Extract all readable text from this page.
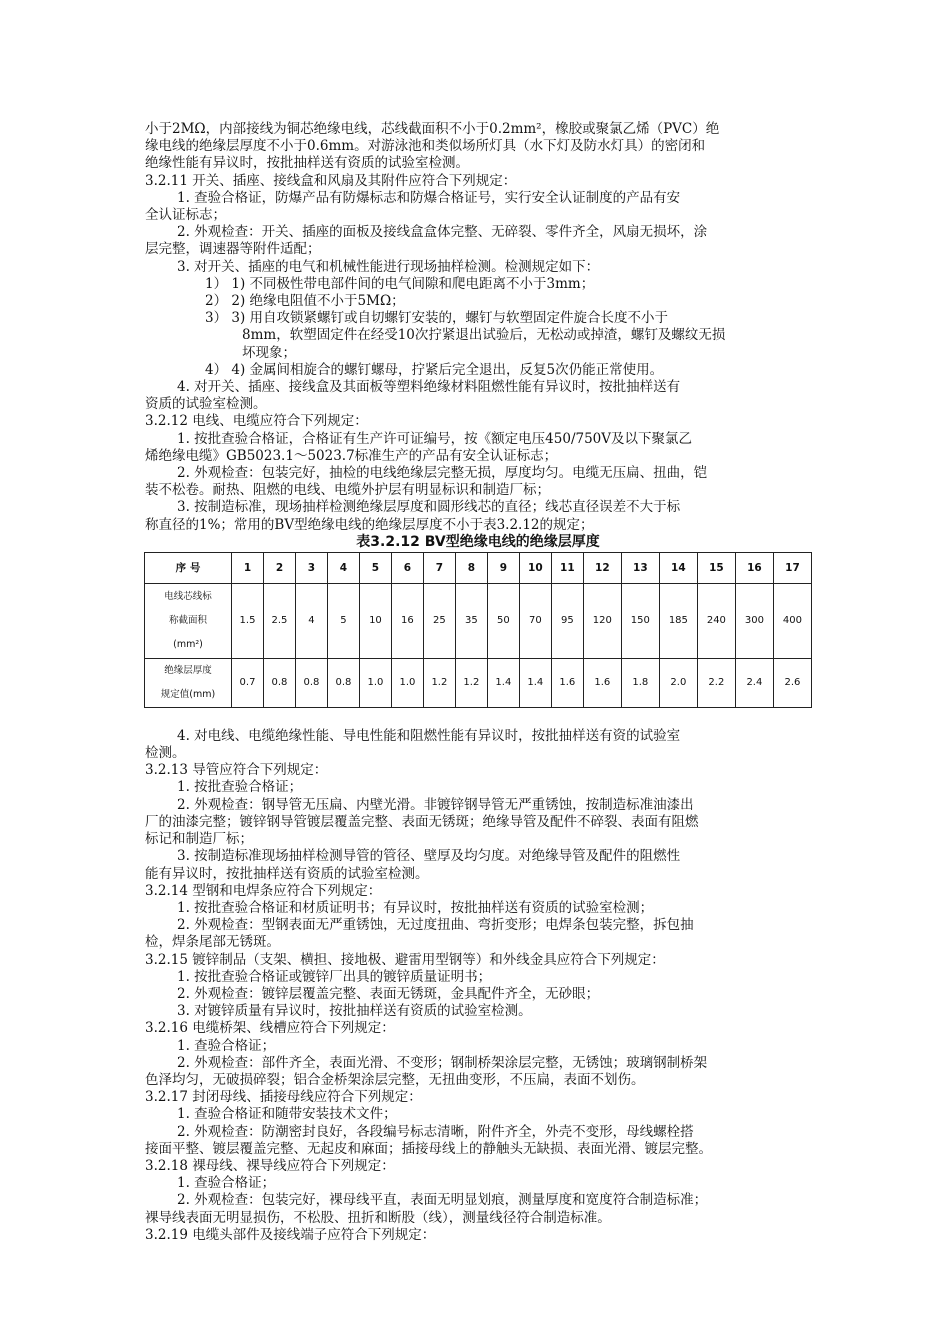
小于2MΩ，内部接线为铜芯绝缘电线，芯线截面积不小于0.2mm²，橡胶或聚氯乙烯（PVC）绝
缘电线的绝缘层厚度不小于0.6mm。对游泳池和类似场所灯具（水下灯及防水灯具）的密闭和
绝缘性能有异议时，按批抽样送有资质的试验室检测。
3.2.11 开关、插座、接线盒和风扇及其附件应符合下列规定：
1. 查验合格证，防爆产品有防爆标志和防爆合格证号，实行安全认证制度的产品有安
全认证标志；
2. 外观检查：开关、插座的面板及接线盒盒体完整、无碎裂、零件齐全，风扇无损坏，涂
层完整，调速器等附件适配；
3. 对开关、插座的电气和机械性能进行现场抽样检测。检测规定如下：
1） 1) 不同极性带电部件间的电气间隙和爬电距离不小于3mm；
2） 2) 绝缘电阻值不小于5MΩ；
3） 3) 用自攻锁紧螺钉或自切螺钉安装的，螺钉与软塑固定件旋合长度不小于
8mm，软塑固定件在经受10次拧紧退出试验后，无松动或掉渣，螺钉及螺纹无损
坏现象；
4） 4) 金属间相旋合的螺钉螺母，拧紧后完全退出，反复5次仍能正常使用。
4. 对开关、插座、接线盒及其面板等塑料绝缘材料阻燃性能有异议时，按批抽样送有
资质的试验室检测。
3.2.12 电线、电缆应符合下列规定：
1. 按批查验合格证，合格证有生产许可证编号，按《额定电压450/750V及以下聚氯乙
烯绝缘电缆》GB5023.1～5023.7标准生产的产品有安全认证标志；
2. 外观检查：包装完好，抽检的电线绝缘层完整无损，厚度均匀。电缆无压扁、扭曲，铠
装不松卷。耐热、阻燃的电线、电缆外护层有明显标识和制造厂标；
3. 按制造标准，现场抽样检测绝缘层厚度和圆形线芯的直径；线芯直径误差不大于标
称直径的1%；常用的BV型绝缘电线的绝缘层厚度不小于表3.2.12的规定；
表3.2.12 BV型绝缘电线的绝缘层厚度
序 号	1	2	3	4	5	6	7	8	9	10	11	12	13	14	15	16	17

电线芯线标
称截面积
(mm²)	1.5	2.5	4	5	10	16	25	35	50	70	95	120	150	185	240	300	400

绝缘层厚度
规定值(mm)	0.7	0.8	0.8	0.8	1.0	1.0	1.2	1.2	1.4	1.4	1.6	1.6	1.8	2.0	2.2	2.4	2.6
4. 对电线、电缆绝缘性能、导电性能和阻燃性能有异议时，按批抽样送有资的试验室
检测。
3.2.13 导管应符合下列规定：
1. 按批查验合格证；
2. 外观检查：钢导管无压扁、内壁光滑。非镀锌钢导管无严重锈蚀，按制造标准油漆出
厂的油漆完整；镀锌钢导管镀层覆盖完整、表面无锈斑；绝缘导管及配件不碎裂、表面有阻燃
标记和制造厂标；
3. 按制造标准现场抽样检测导管的管径、壁厚及均匀度。对绝缘导管及配件的阻燃性
能有异议时，按批抽样送有资质的试验室检测。
3.2.14 型钢和电焊条应符合下列规定：
1. 按批查验合格证和材质证明书；有异议时，按批抽样送有资质的试验室检测；
2. 外观检查：型钢表面无严重锈蚀，无过度扭曲、弯折变形；电焊条包装完整，拆包抽
检，焊条尾部无锈斑。
3.2.15 镀锌制品（支架、横担、接地极、避雷用型钢等）和外线金具应符合下列规定：
1. 按批查验合格证或镀锌厂出具的镀锌质量证明书；
2. 外观检查：镀锌层覆盖完整、表面无锈斑，金具配件齐全，无砂眼；
3. 对镀锌质量有异议时，按批抽样送有资质的试验室检测。
3.2.16 电缆桥架、线槽应符合下列规定：
1. 查验合格证；
2. 外观检查：部件齐全，表面光滑、不变形；钢制桥架涂层完整，无锈蚀；玻璃钢制桥架
色泽均匀，无破损碎裂；铝合金桥架涂层完整，无扭曲变形，不压扁，表面不划伤。
3.2.17 封闭母线、插接母线应符合下列规定：
1. 查验合格证和随带安装技术文件；
2. 外观检查：防潮密封良好，各段编号标志清晰，附件齐全，外壳不变形，母线螺栓搭
接面平整、镀层覆盖完整、无起皮和麻面；插接母线上的静触头无缺损、表面光滑、镀层完整。
3.2.18 裸母线、裸导线应符合下列规定：
1. 查验合格证；
2. 外观检查：包装完好，裸母线平直，表面无明显划痕，测量厚度和宽度符合制造标准；
裸导线表面无明显损伤，不松股、扭折和断股（线），测量线径符合制造标准。
3.2.19 电缆头部件及接线端子应符合下列规定：
